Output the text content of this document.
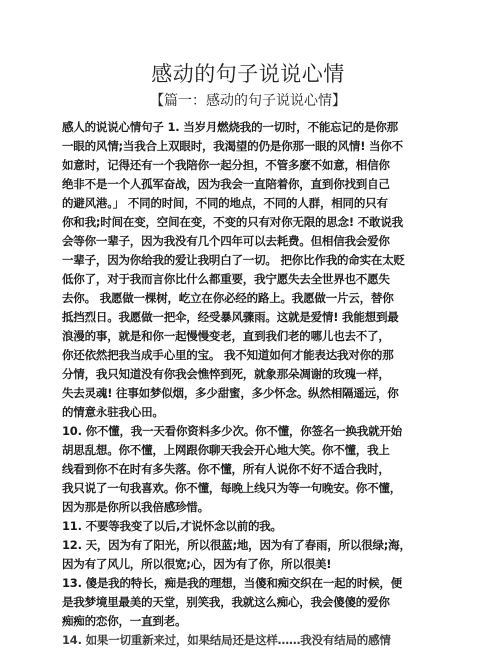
感动的句子说说心情
【篇一：感动的句子说说心情】
感人的说说心情句子 1. 当岁月燃烧我的一切时，不能忘记的是你那
一眼的风情;当我合上双眼时，我渴望的仍是你那一眼的风情! 当你不
如意时，记得还有一个我陪你一起分担，不管多麽不如意，相信你
绝非不是一个人孤军奋战，因为我会一直陪着你，直到你找到自己
的避风港。」 不同的时间，不同的地点，不同的人群，相同的只有
你和我;时间在变，空间在变，不变的只有对你无限的思念! 不敢说我
会等你一辈子，因为我没有几个四年可以去耗费。但相信我会爱你
一辈子，因为你给我的爱让我明白了一切。 把你比作我的命实在太贬
低你了，对于我而言你比什么都重要，我宁愿失去全世界也不愿失
去你。 我愿做一棵树，屹立在你必经的路上。我愿做一片云，替你
抵挡烈日。我愿做一把伞，经受暴风骤雨。这就是爱情! 我能想到最
浪漫的事，就是和你一起慢慢变老，直到我们老的哪儿也去不了，
你还依然把我当成手心里的宝。 我不知道如何才能表达我对你的那
分情，我只知道没有你我会憔悴到死，就象那朵凋谢的玫瑰一样，
失去灵魂! 往事如梦似烟，多少甜蜜，多少怀念。纵然相隔遥远，你
的情意永驻我心田。
10. 你不懂，我一天看你资料多少次。你不懂，你签名一换我就开始
胡思乱想。你不懂，上网跟你聊天我会开心地大笑。你不懂，我上
线看到你不在时有多失落。你不懂，所有人说你不好不适合我时，
我只说了一句我喜欢。你不懂，每晚上线只为等一句晚安。你不懂，
因为那是你所以我倍感珍惜。
11. 不要等我变了以后,才说怀念以前的我。
12. 天，因为有了阳光，所以很蓝;地，因为有了春雨，所以很绿;海，
因为有了风儿，所以很宽;心，因为有了你，所以很美!
13. 傻是我的特长，痴是我的理想，当傻和痴交织在一起的时候，便
是我梦境里最美的天堂，别笑我，我就这么痴心，我会傻傻的爱你
痴痴的恋你，一直到老。
14. 如果一切重新来过，如果结局还是这样……我没有结局的感情
